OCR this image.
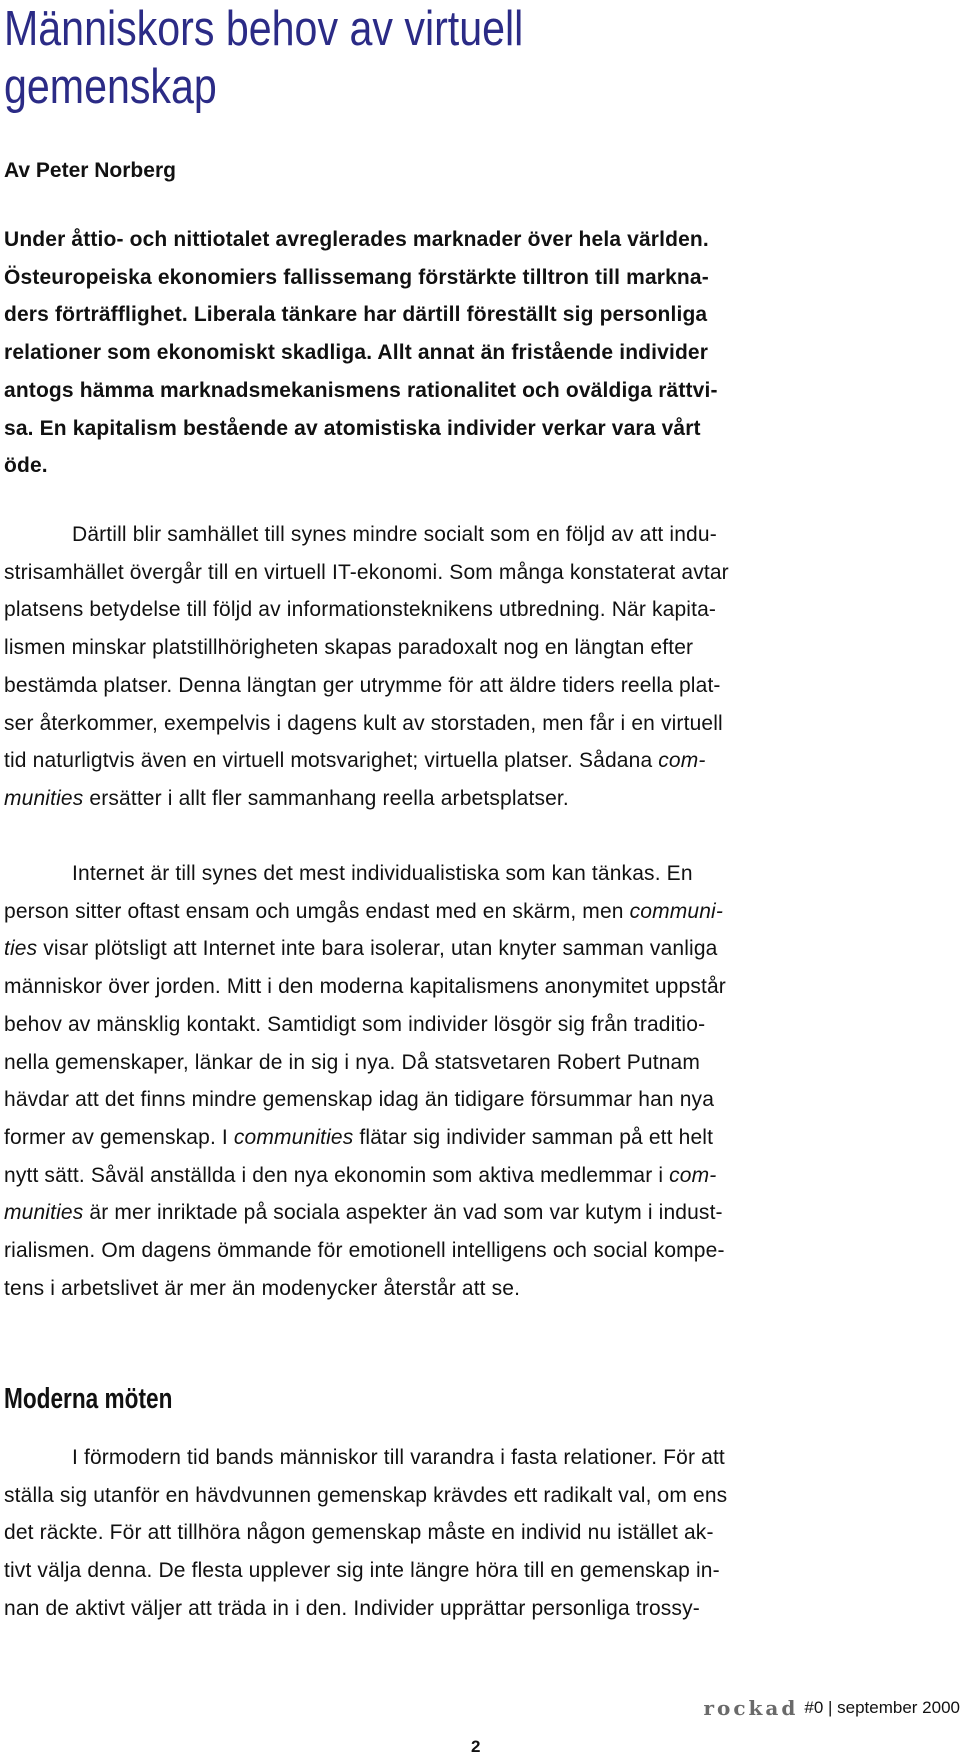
Människors behov av virtuell
gemenskap

Av Peter Norberg

Under åttio- och nittiotalet avreglerades marknader över hela världen.
Östeuropeiska ekonomiers fallissemang förstärkte tilltron till markna-
ders förträfflighet. Liberala tänkare har därtill föreställt sig personliga
relationer som ekonomiskt skadliga. Allt annat än fristående individer
antogs hämma marknadsmekanismens rationalitet och oväldiga rättvi-
sa. En kapitalism bestående av atomistiska individer verkar vara vårt
öde.
Därtill blir samhället till synes mindre socialt som en följd av att indu-
strisamhället övergår till en virtuell IT-ekonomi. Som många konstaterat avtar
platsens betydelse till följd av informationsteknikens utbredning. När kapita-
lismen minskar platstillhörigheten skapas paradoxalt nog en längtan efter
bestämda platser. Denna längtan ger utrymme för att äldre tiders reella plat-
ser återkommer, exempelvis i dagens kult av storstaden, men får i en virtuell
tid naturligtvis även en virtuell motsvarighet; virtuella platser. Sådana com-
munities ersätter i allt fler sammanhang reella arbetsplatser.
Internet är till synes det mest individualistiska som kan tänkas. En
person sitter oftast ensam och umgås endast med en skärm, men communi-
ties visar plötsligt att Internet inte bara isolerar, utan knyter samman vanliga
människor över jorden. Mitt i den moderna kapitalismens anonymitet uppstår
behov av mänsklig kontakt. Samtidigt som individer lösgör sig från traditio-
nella gemenskaper, länkar de in sig i nya. Då statsvetaren Robert Putnam
hävdar att det finns mindre gemenskap idag än tidigare försummar han nya
former av gemenskap. I communities flätar sig individer samman på ett helt
nytt sätt. Såväl anställda i den nya ekonomin som aktiva medlemmar i com-
munities är mer inriktade på sociala aspekter än vad som var kutym i indust-
rialismen. Om dagens ömmande för emotionell intelligens och social kompe-
tens i arbetslivet är mer än modenycker återstår att se.
Moderna möten
I förmodern tid bands människor till varandra i fasta relationer. För att
ställa sig utanför en hävdvunnen gemenskap krävdes ett radikalt val, om ens
det räckte. För att tillhöra någon gemenskap måste en individ nu istället ak-
tivt välja denna. De flesta upplever sig inte längre höra till en gemenskap in-
nan de aktivt väljer att träda in i den. Individer upprättar personliga trossy-
rockad #0 | september 2000
2
